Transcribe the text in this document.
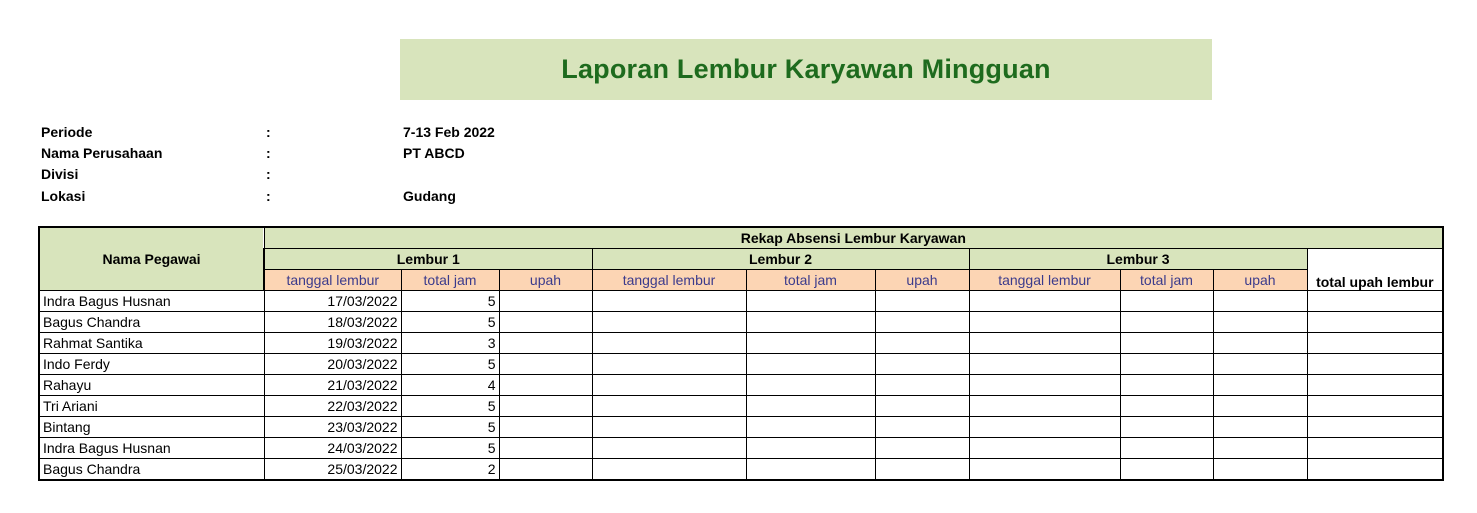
Laporan Lembur Karyawan Mingguan
Periode	:	7-13 Feb 2022
Nama Perusahaan	:	PT ABCD
Divisi	:
Lokasi	:	Gudang
Nama Pegawai	Rekap Absensi Lembur Karyawan									
	Lembur 1			Lembur 2			Lembur 3			total upah lembur
	tanggal lembur	total jam	upah	tanggal lembur	total jam	upah	tanggal lembur	total jam	upah	
Indra Bagus Husnan	17/03/2022	5								
Bagus Chandra	18/03/2022	5								
Rahmat Santika	19/03/2022	3								
Indo Ferdy	20/03/2022	5								
Rahayu	21/03/2022	4								
Tri Ariani	22/03/2022	5								
Bintang	23/03/2022	5								
Indra Bagus Husnan	24/03/2022	5								
Bagus Chandra	25/03/2022	2								
